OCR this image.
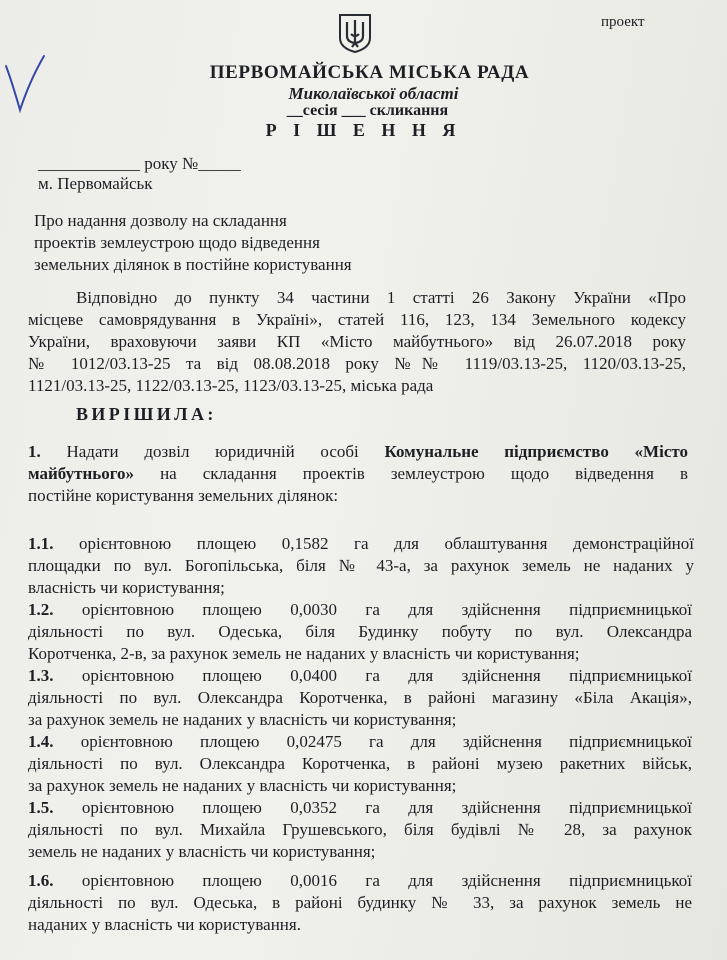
проект
ПЕРВОМАЙСЬКА МІСЬКА РАДА
Миколаївської області
__сесія ___ скликання
Р І Ш Е Н Н Я
____________ року №_____
м. Первомайськ
Про надання дозволу на складання
проектів землеустрою щодо відведення
земельних ділянок в постійне користування
Відповідно до пункту 34 частини 1 статті 26 Закону України «Про
місцеве самоврядування в Україні», статей 116, 123, 134 Земельного кодексу
України, враховуючи заяви КП «Місто майбутнього» від 26.07.2018 року
№ 1012/03.13-25 та від 08.08.2018 року №№ 1119/03.13-25, 1120/03.13-25,
1121/03.13-25, 1122/03.13-25, 1123/03.13-25, міська рада
ВИРІШИЛА:
1. Надати дозвіл юридичній особі Комунальне підприємство «Місто
майбутнього» на складання проектів землеустрою щодо відведення в
постійне користування земельних ділянок:
1.1. орієнтовною площею 0,1582 га для облаштування демонстраційної
площадки по вул. Богопільська, біля № 43-а, за рахунок земель не наданих у
власність чи користування;
1.2. орієнтовною площею 0,0030 га для здійснення підприємницької
діяльності по вул. Одеська, біля Будинку побуту по вул. Олександра
Коротченка, 2-в, за рахунок земель не наданих у власність чи користування;
1.3. орієнтовною площею 0,0400 га для здійснення підприємницької
діяльності по вул. Олександра Коротченка, в районі магазину «Біла Акація»,
за рахунок земель не наданих у власність чи користування;
1.4. орієнтовною площею 0,02475 га для здійснення підприємницької
діяльності по вул. Олександра Коротченка, в районі музею ракетних військ,
за рахунок земель не наданих у власність чи користування;
1.5. орієнтовною площею 0,0352 га для здійснення підприємницької
діяльності по вул. Михайла Грушевського, біля будівлі № 28, за рахунок
земель не наданих у власність чи користування;
1.6. орієнтовною площею 0,0016 га для здійснення підприємницької
діяльності по вул. Одеська, в районі будинку № 33, за рахунок земель не
наданих у власність чи користування.
